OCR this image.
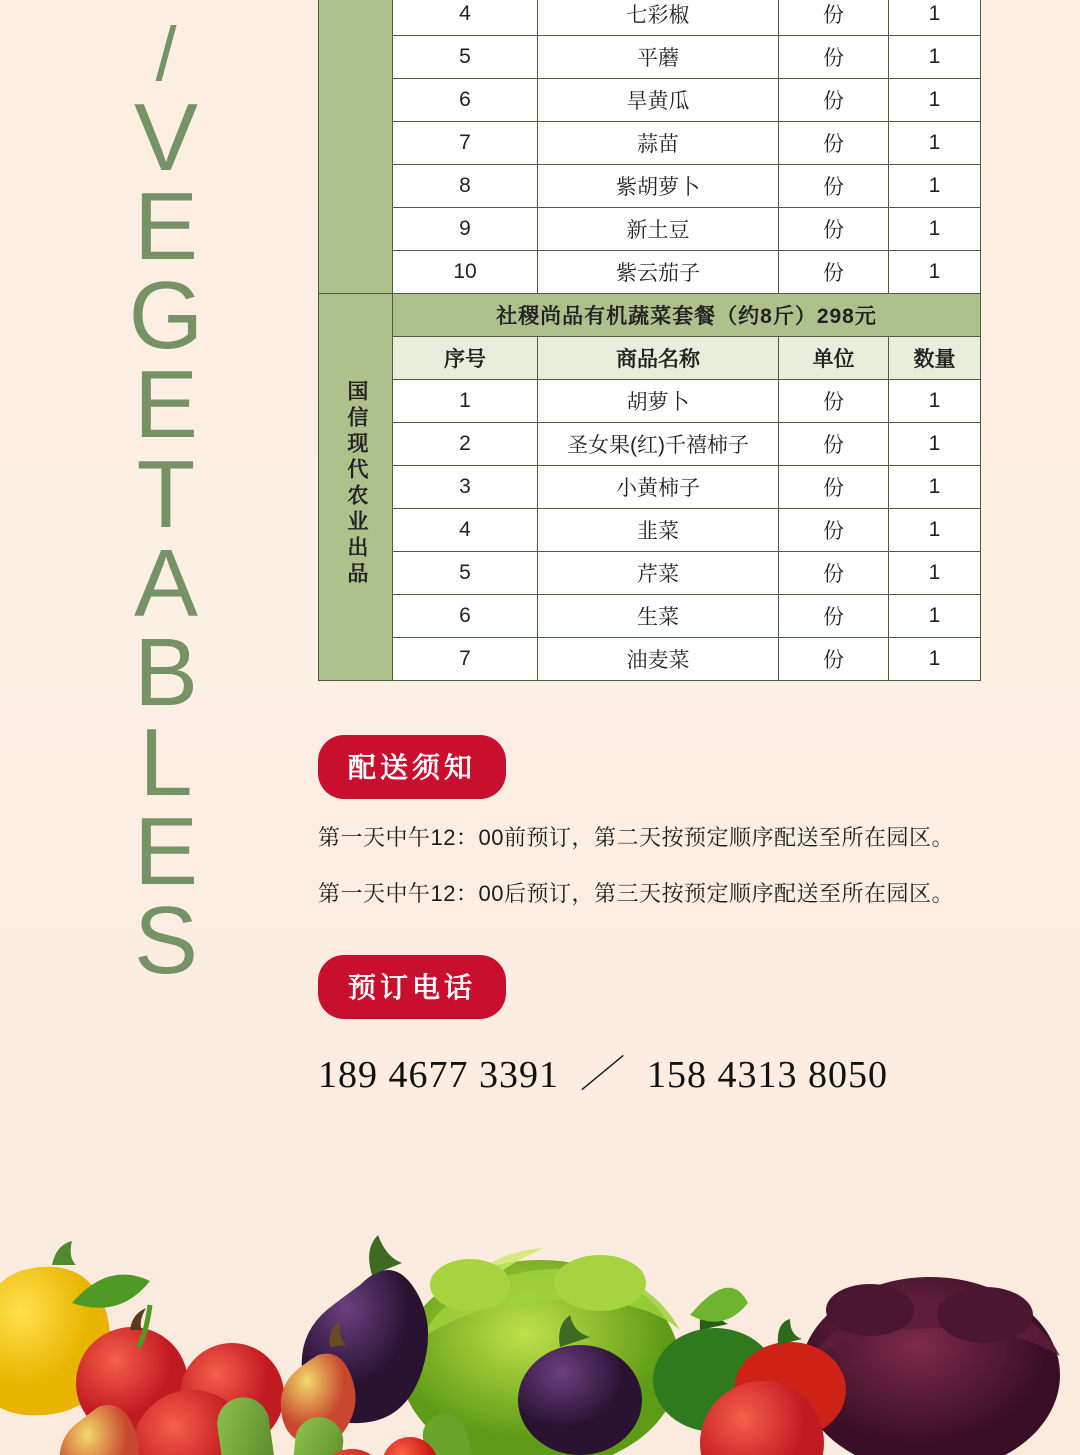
/
V
E
G
E
T
A
B
L
E
S
	4	七彩椒	份	1
	5	平蘑	份	1
	6	旱黄瓜	份	1
	7	蒜苗	份	1
	8	紫胡萝卜	份	1
	9	新土豆	份	1
	10	紫云茄子	份	1
国信现代农业出品	社稷尚品有机蔬菜套餐（约8斤）298元			
	序号	商品名称	单位	数量
	1	胡萝卜	份	1
	2	圣女果(红)千禧柿子	份	1
	3	小黄柿子	份	1
	4	韭菜	份	1
	5	芹菜	份	1
	6	生菜	份	1
	7	油麦菜	份	1
配送须知

第一天中午12：00前预订，第二天按预定顺序配送至所在园区。

第一天中午12：00后预订，第三天按预定顺序配送至所在园区。

预订电话
189 4677 3391 ／ 158 4313 8050
